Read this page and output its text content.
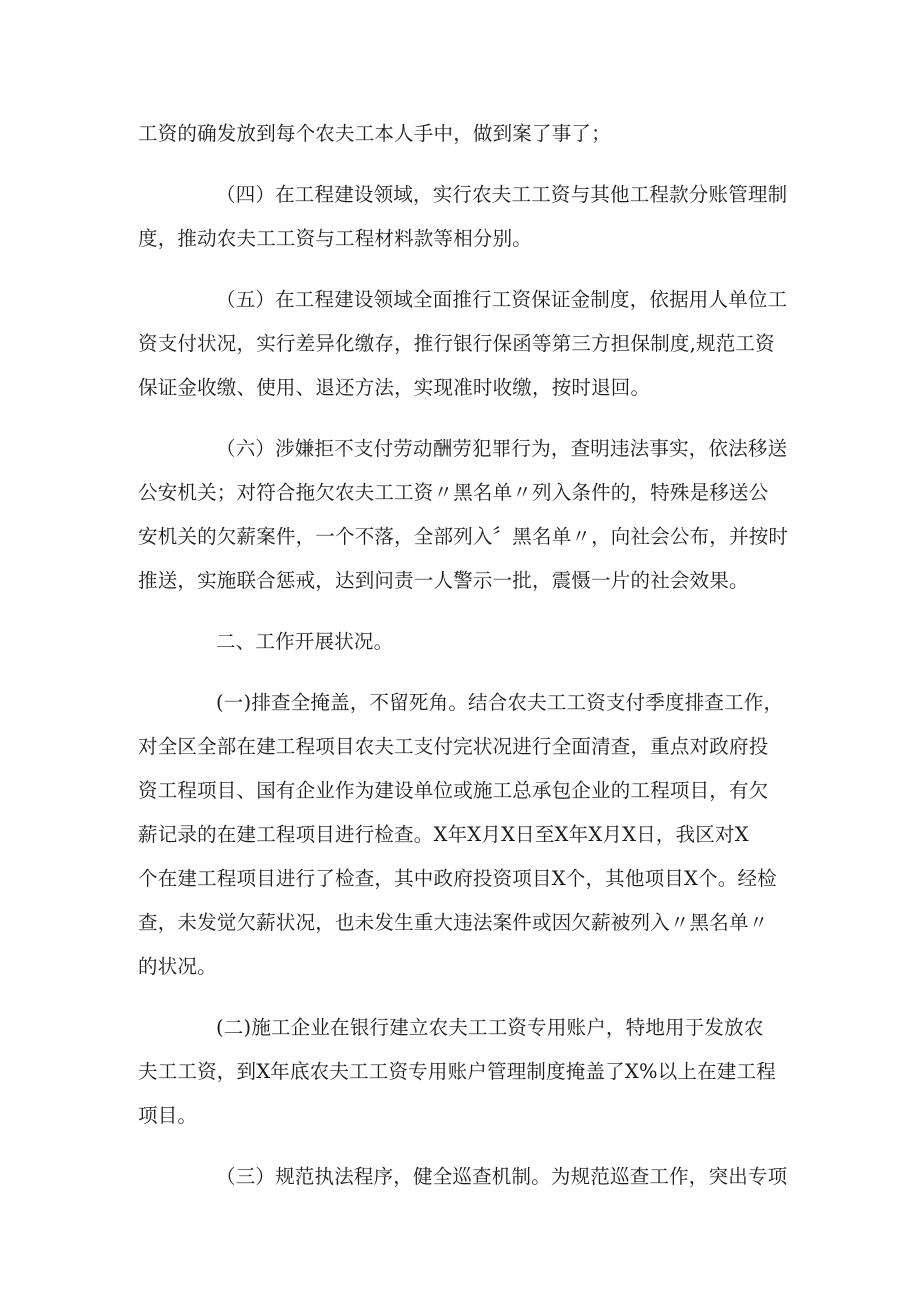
工资的确发放到每个农夫工本人手中，做到案了事了；
（四）在工程建设领域，实行农夫工工资与其他工程款分账管理制
度，推动农夫工工资与工程材料款等相分别。
（五）在工程建设领域全面推行工资保证金制度，依据用人单位工
资支付状况，实行差异化缴存，推行银行保函等第三方担保制度,规范工资
保证金收缴、使用、退还方法，实现准时收缴，按时退回。
（六）涉嫌拒不支付劳动酬劳犯罪行为，查明违法事实，依法移送
公安机关；对符合拖欠农夫工工资〃黑名单〃列入条件的，特殊是移送公
安机关的欠薪案件，一个不落，全部列入〞黑名单〃，向社会公布，并按时
推送，实施联合惩戒，达到问责一人警示一批，震慑一片的社会效果。
二、工作开展状况。
(一)排查全掩盖，不留死角。结合农夫工工资支付季度排查工作，
对全区全部在建工程项目农夫工支付完状况进行全面清查，重点对政府投
资工程项目、国有企业作为建设单位或施工总承包企业的工程项目，有欠
薪记录的在建工程项目进行检查。X年X月X日至X年X月X日，我区对X
个在建工程项目进行了检查，其中政府投资项目X个，其他项目X个。经检
查，未发觉欠薪状况，也未发生重大违法案件或因欠薪被列入〃黑名单〃
的状况。
(二)施工企业在银行建立农夫工工资专用账户，特地用于发放农
夫工工资，到X年底农夫工工资专用账户管理制度掩盖了X%以上在建工程
项目。
（三）规范执法程序，健全巡查机制。为规范巡查工作，突出专项
